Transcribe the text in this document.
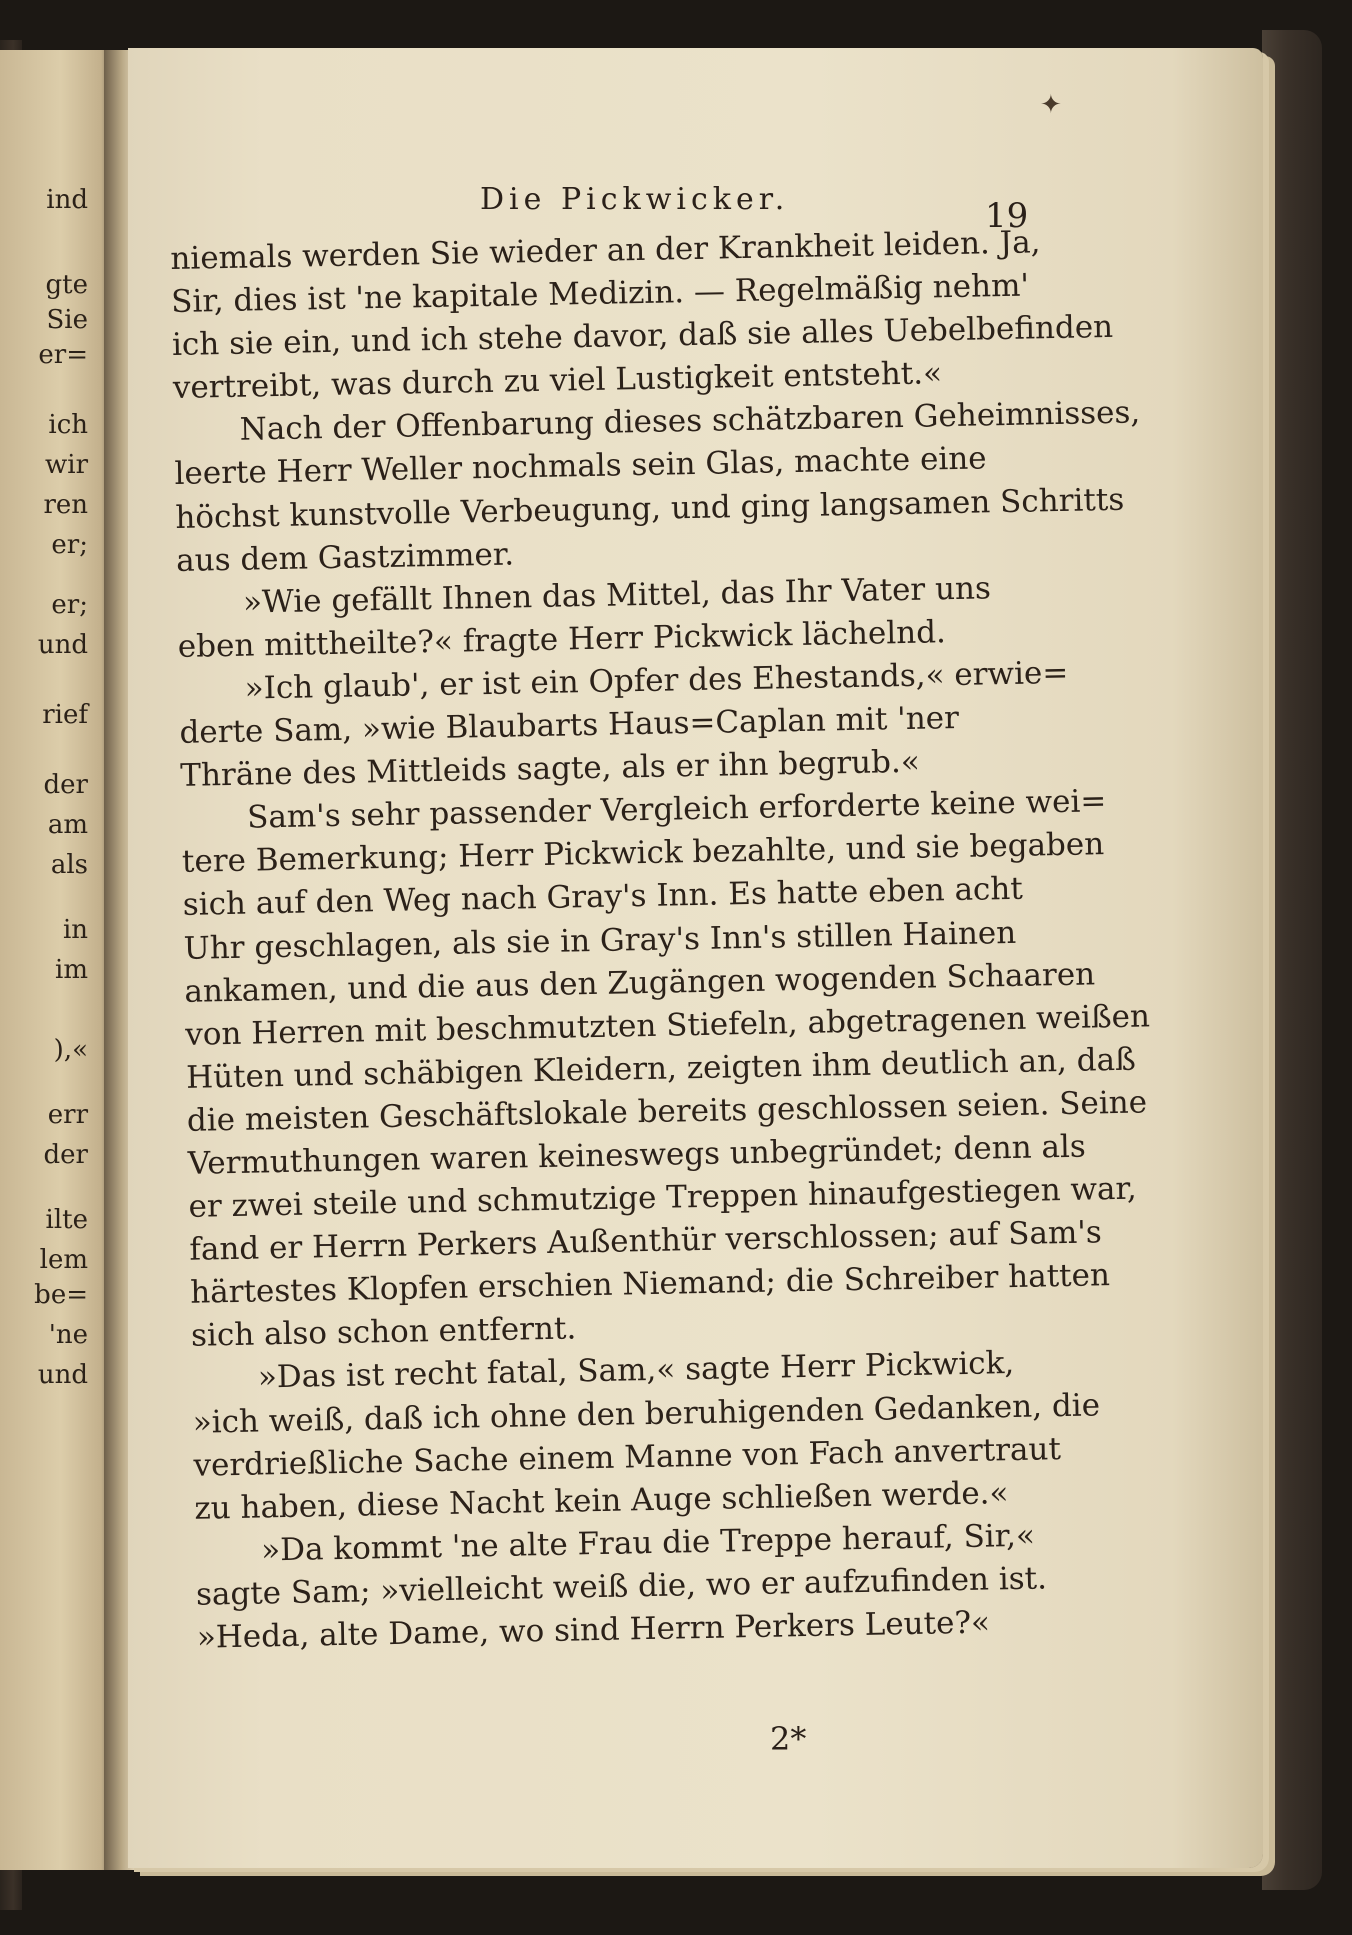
ind
gte
Sie
er=
ich
wir
ren
er;
er;
und
rief
der
am
als
in
im
),«
err
der
ilte
lem
be=
'ne
und
Die Pickwicker.	19
niemals werden Sie wieder an der Krankheit leiden. Ja,
Sir, dies ist 'ne kapitale Medizin. — Regelmäßig nehm'
ich sie ein, und ich stehe davor, daß sie alles Uebelbefinden
vertreibt, was durch zu viel Lustigkeit entsteht.«
Nach der Offenbarung dieses schätzbaren Geheimnisses,
leerte Herr Weller nochmals sein Glas, machte eine
höchst kunstvolle Verbeugung, und ging langsamen Schritts
aus dem Gastzimmer.
»Wie gefällt Ihnen das Mittel, das Ihr Vater uns
eben mittheilte?« fragte Herr Pickwick lächelnd.
»Ich glaub', er ist ein Opfer des Ehestands,« erwie=
derte Sam, »wie Blaubarts Haus=Caplan mit 'ner
Thräne des Mittleids sagte, als er ihn begrub.«
Sam's sehr passender Vergleich erforderte keine wei=
tere Bemerkung; Herr Pickwick bezahlte, und sie begaben
sich auf den Weg nach Gray's Inn. Es hatte eben acht
Uhr geschlagen, als sie in Gray's Inn's stillen Hainen
ankamen, und die aus den Zugängen wogenden Schaaren
von Herren mit beschmutzten Stiefeln, abgetragenen weißen
Hüten und schäbigen Kleidern, zeigten ihm deutlich an, daß
die meisten Geschäftslokale bereits geschlossen seien. Seine
Vermuthungen waren keineswegs unbegründet; denn als
er zwei steile und schmutzige Treppen hinaufgestiegen war,
fand er Herrn Perkers Außenthür verschlossen; auf Sam's
härtestes Klopfen erschien Niemand; die Schreiber hatten
sich also schon entfernt.
»Das ist recht fatal, Sam,« sagte Herr Pickwick,
»ich weiß, daß ich ohne den beruhigenden Gedanken, die
verdrießliche Sache einem Manne von Fach anvertraut
zu haben, diese Nacht kein Auge schließen werde.«
»Da kommt 'ne alte Frau die Treppe herauf, Sir,«
sagte Sam; »vielleicht weiß die, wo er aufzufinden ist.
»Heda, alte Dame, wo sind Herrn Perkers Leute?«
2*
✦
